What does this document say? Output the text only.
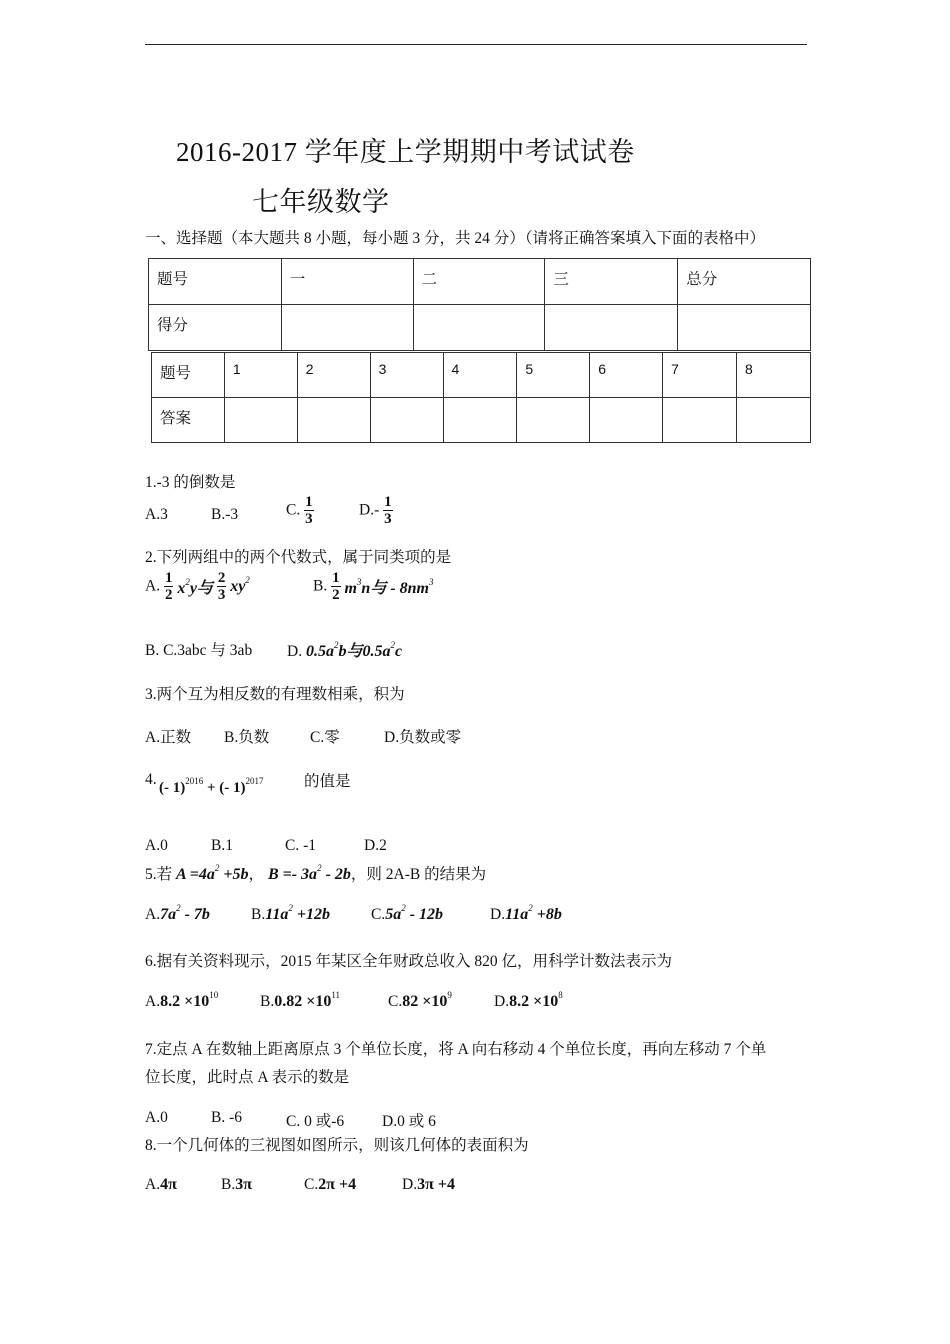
2016-2017 学年度上学期期中考试试卷
七年级数学
一、选择题（本大题共 8 小题，每小题 3 分，共 24 分）（请将正确答案填入下面的表格中）
题号	一	二	三	总分
得分				
题号	1	2	3	4	5	6	7	8
答案								
1.-3 的倒数是
A.3	B.-3	C. $\frac{1}{3}$	$D.- \frac{1}{3}$
2.下列两组中的两个代数式，属于同类项的是
A. $\frac{1}{2} x^2y$与 $\frac{2}{3} xy^2$	B. $\frac{1}{2} m^3n$与 - $8nm^3$
B. C.3abc 与 3ab D. $0.5a^2b$与$0.5a^2c$
3.两个互为相反数的有理数相乘，积为
A.正数 B.负数	C.零	D.负数或零
4. (- 1)$^{2016}$ + (- 1)$^{2017}$	的值是
A.0	B.1	C. -1	D.2
5.若 $A =4a^2 +5b$， $B =- 3a^2 - 2b$，则 2A-B 的结果为
$A.7a^2 - 7b$	$B.11a^2 +12b$	$C.5a^2 - 12b$	$D.11a^2 +8b$
6.据有关资料现示，2015 年某区全年财政总收入 820 亿，用科学计数法表示为
$A.8.2 \times 10^{10}$	$B.0.82 \times 10^{11}$	$C.82 \times 10^9$	$D.8.2 \times 10^8$
7.定点 A 在数轴上距离原点 3 个单位长度，将 A 向右移动 4 个单位长度，再向左移动 7 个单
位长度，此时点 A 表示的数是
A.0	B. -6	C. 0 或-6 D.0 或 6
8.一个几何体的三视图如图所示，则该几何体的表面积为
A.4π	B.3π	C.2π +4	D.3π +4
